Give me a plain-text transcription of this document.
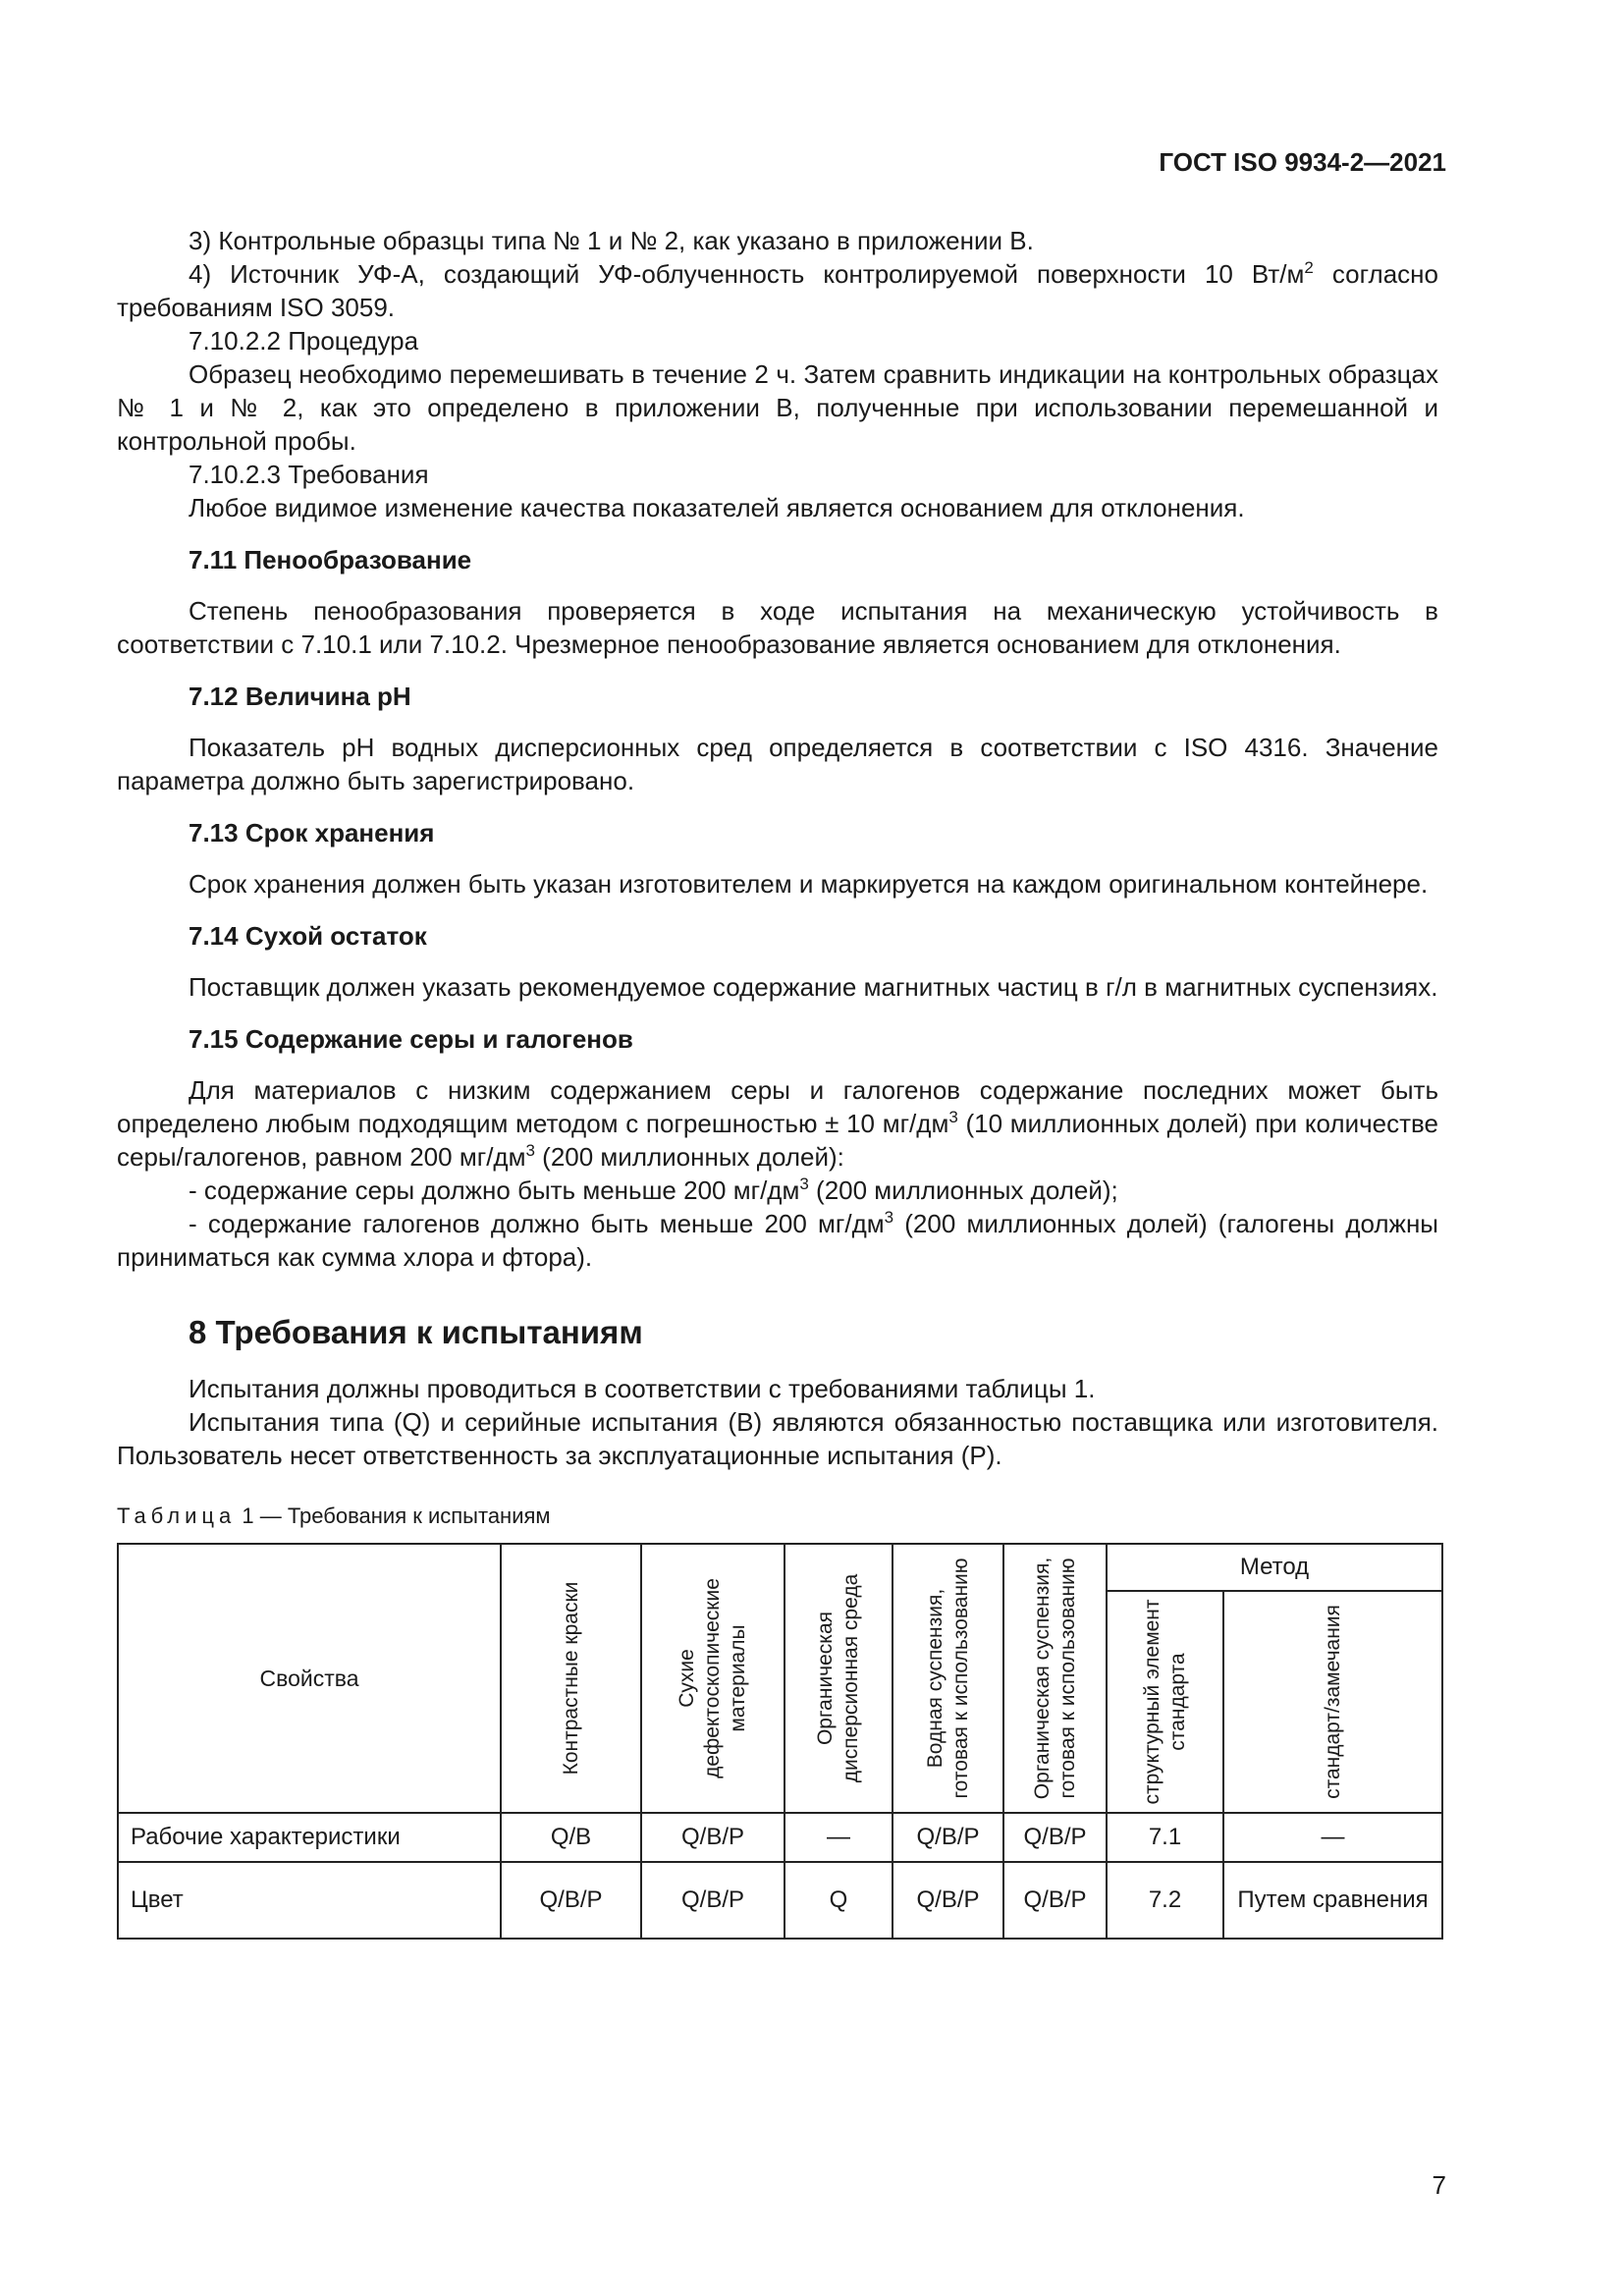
ГОСТ ISO 9934-2—2021

3) Контрольные образцы типа № 1 и № 2, как указано в приложении В.

4) Источник УФ-А, создающий УФ-облученность контролируемой поверхности 10 $Вт/м^2$ согласно требованиям ISO 3059.

7.10.2.2 Процедура

Образец необходимо перемешивать в течение 2 ч. Затем сравнить индикации на контрольных образцах № 1 и № 2, как это определено в приложении В, полученные при использовании перемешанной и контрольной пробы.

7.10.2.3 Требования

Любое видимое изменение качества показателей является основанием для отклонения.

7.11 Пенообразование

Степень пенообразования проверяется в ходе испытания на механическую устойчивость в соответствии с 7.10.1 или 7.10.2. Чрезмерное пенообразование является основанием для отклонения.

7.12 Величина pH

Показатель pH водных дисперсионных сред определяется в соответствии с ISO 4316. Значение параметра должно быть зарегистрировано.

7.13 Срок хранения

Срок хранения должен быть указан изготовителем и маркируется на каждом оригинальном контейнере.

7.14 Сухой остаток

Поставщик должен указать рекомендуемое содержание магнитных частиц в г/л в магнитных суспензиях.

7.15 Содержание серы и галогенов

Для материалов с низким содержанием серы и галогенов содержание последних может быть определено любым подходящим методом с погрешностью ± 10 $мг/дм^3$ (10 миллионных долей) при количестве серы/галогенов, равном 200 $мг/дм^3$ (200 миллионных долей):

- содержание серы должно быть меньше 200 $мг/дм^3$ (200 миллионных долей);

- содержание галогенов должно быть меньше 200 $мг/дм^3$ (200 миллионных долей) (галогены должны приниматься как сумма хлора и фтора).

8 Требования к испытаниям

Испытания должны проводиться в соответствии с требованиями таблицы 1.

Испытания типа (Q) и серийные испытания (В) являются обязанностью поставщика или изготовителя. Пользователь несет ответственность за эксплуатационные испытания (Р).

Таблица 1 — Требования к испытаниям

Свойства	Контрастные краски	Сухие дефектоскопические материалы	Органическая дисперсионная среда	Водная суспензия, готовая к использованию	Органическая суспензия, готовая к использованию	Метод	

						структурный элемент стандарта	стандарт/замечания

Рабочие характеристики	Q/B	Q/B/P	—	Q/B/P	Q/B/P	7.1	—
Цвет	Q/B/P	Q/B/P	Q	Q/B/P	Q/B/P	7.2	Путем сравнения
7
